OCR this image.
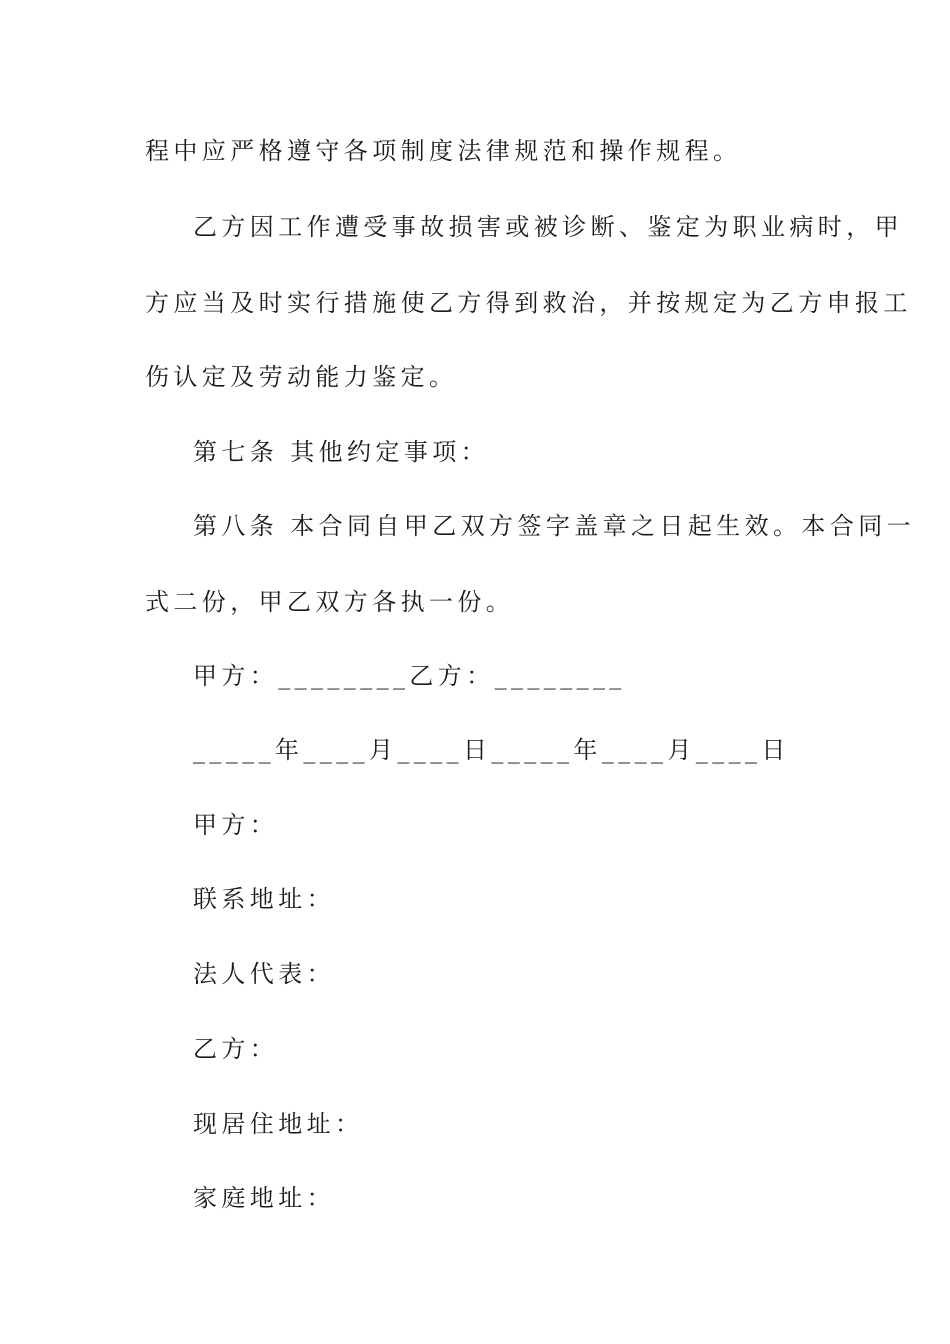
程中应严格遵守各项制度法律规范和操作规程。
乙方因工作遭受事故损害或被诊断、鉴定为职业病时，甲
方应当及时实行措施使乙方得到救治，并按规定为乙方申报工
伤认定及劳动能力鉴定。
第七条 其他约定事项：
第八条 本合同自甲乙双方签字盖章之日起生效。本合同一
式二份，甲乙双方各执一份。
甲方：________乙方：________
_____年____月____日_____年____月____日
甲方：
联系地址：
法人代表：
乙方：
现居住地址：
家庭地址：
